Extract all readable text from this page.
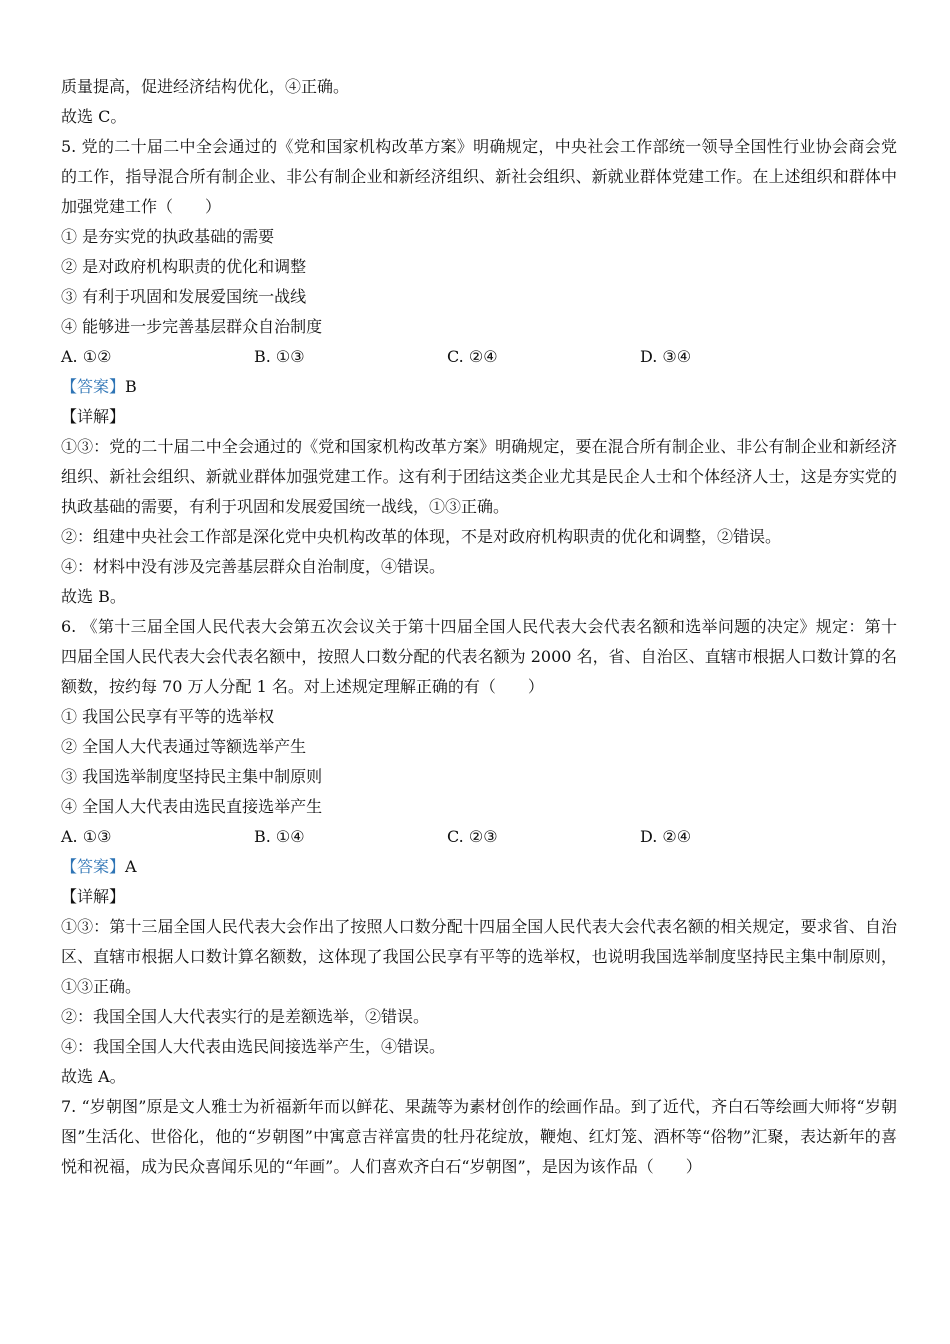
质量提高，促进经济结构优化，④正确。
故选 C。
5. 党的二十届二中全会通过的《党和国家机构改革方案》明确规定，中央社会工作部统一领导全国性行业协会商会党的工作，指导混合所有制企业、非公有制企业和新经济组织、新社会组织、新就业群体党建工作。在上述组织和群体中加强党建工作（　　）
① 是夯实党的执政基础的需要
② 是对政府机构职责的优化和调整
③ 有利于巩固和发展爱国统一战线
④ 能够进一步完善基层群众自治制度
A. ①②	B. ①③	C. ②④	D. ③④
【答案】B
【详解】
①③：党的二十届二中全会通过的《党和国家机构改革方案》明确规定，要在混合所有制企业、非公有制企业和新经济组织、新社会组织、新就业群体加强党建工作。这有利于团结这类企业尤其是民企人士和个体经济人士，这是夯实党的执政基础的需要，有利于巩固和发展爱国统一战线，①③正确。
②：组建中央社会工作部是深化党中央机构改革的体现，不是对政府机构职责的优化和调整，②错误。
④：材料中没有涉及完善基层群众自治制度，④错误。
故选 B。
6. 《第十三届全国人民代表大会第五次会议关于第十四届全国人民代表大会代表名额和选举问题的决定》规定：第十四届全国人民代表大会代表名额中，按照人口数分配的代表名额为 2000 名，省、自治区、直辖市根据人口数计算的名额数，按约每 70 万人分配 1 名。对上述规定理解正确的有（　　）
① 我国公民享有平等的选举权
② 全国人大代表通过等额选举产生
③ 我国选举制度坚持民主集中制原则
④ 全国人大代表由选民直接选举产生
A. ①③	B. ①④	C. ②③	D. ②④
【答案】A
【详解】
①③：第十三届全国人民代表大会作出了按照人口数分配十四届全国人民代表大会代表名额的相关规定，要求省、自治区、直辖市根据人口数计算名额数，这体现了我国公民享有平等的选举权，也说明我国选举制度坚持民主集中制原则，①③正确。
②：我国全国人大代表实行的是差额选举，②错误。
④：我国全国人大代表由选民间接选举产生，④错误。
故选 A。
7. “岁朝图”原是文人雅士为祈福新年而以鲜花、果蔬等为素材创作的绘画作品。到了近代，齐白石等绘画大师将“岁朝图”生活化、世俗化，他的“岁朝图”中寓意吉祥富贵的牡丹花绽放，鞭炮、红灯笼、酒杯等“俗物”汇聚，表达新年的喜悦和祝福，成为民众喜闻乐见的“年画”。人们喜欢齐白石“岁朝图”，是因为该作品（　　）
